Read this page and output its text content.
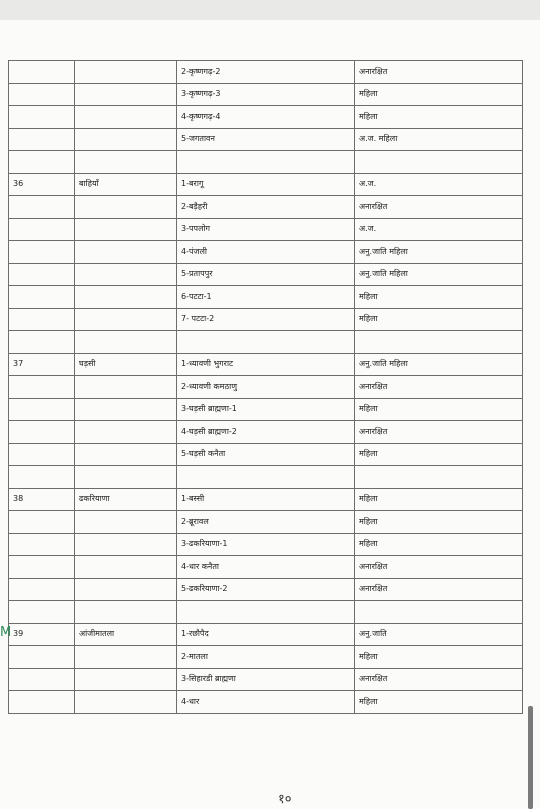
		2-कृष्णगढ़-2	अनारक्षित
		3-कृष्णगढ़-3	महिला
		4-कृष्णगढ़-4	महिला
		5-जगतावन	अ.ज. महिला

36	बाहियाँ	1-बरागू	अ.ज.
		2-बड़ैहरी	अनारक्षित
		3-पपलोग	अ.ज.
		4-पंजली	अनु.जाति महिला
		5-प्रतापपुर	अनु.जाति महिला
		6-पटटा-1	महिला
		7- पटटा-2	महिला

37	घड़सी	1-ध्यावणी भुगराट	अनु.जाति महिला
		2-ध्यावणी कमठाणु	अनारक्षित
		3-घड़सी ब्राह्मणा-1	महिला
		4-घड़सी ब्राह्मणा-2	अनारक्षित
		5-घड़सी कनैता	महिला

38	ढकरियाणा	1-बस्सी	महिला
		2-ब्रूरावल	महिला
		3-ढकरियाणा-1	महिला
		4-धार कनैता	अनारक्षित
		5-ढकरियाणा-2	अनारक्षित

39	आंजीमातला	1-रछौपैद	अनु.जाति
		2-मातला	महिला
		3-सिहारडी ब्राह्मणा	अनारक्षित
		4-धार	महिला
१०
M
